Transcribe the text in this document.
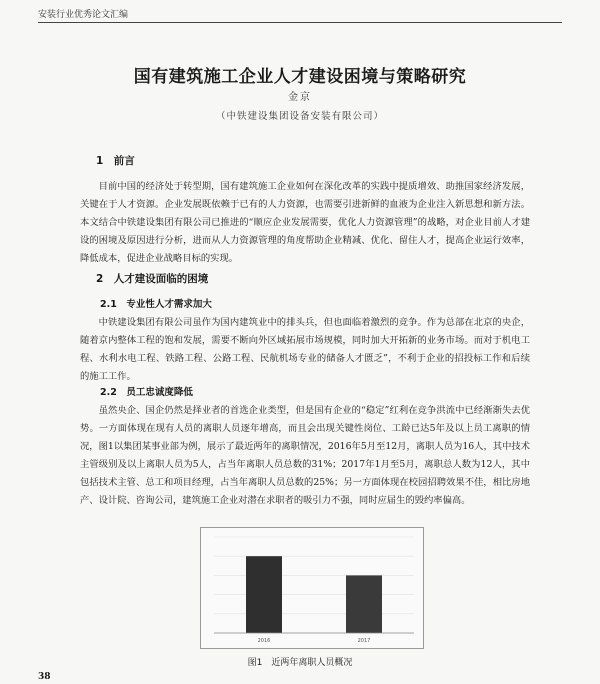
安装行业优秀论文汇编
国有建筑施工企业人才建设困境与策略研究
金京
（中铁建设集团设备安装有限公司）
1　前言

目前中国的经济处于转型期，国有建筑施工企业如何在深化改革的实践中提质增效、助推国家经济发展，关键在于人才资源。企业发展既依赖于已有的人力资源，也需要引进新鲜的血液为企业注入新思想和新方法。本文结合中铁建设集团有限公司已推进的“顺应企业发展需要，优化人力资源管理”的战略，对企业目前人才建设的困境及原因进行分析，进而从人力资源管理的角度帮助企业精减、优化、留住人才，提高企业运行效率，降低成本，促进企业战略目标的实现。

2　人才建设面临的困境
2.1　专业性人才需求加大

中铁建设集团有限公司虽作为国内建筑业中的排头兵，但也面临着激烈的竞争。作为总部在北京的央企，随着京内整体工程的饱和发展，需要不断向外区域拓展市场规模，同时加大开拓新的业务市场。而对于机电工程、水利水电工程、铁路工程、公路工程、民航机场专业的储备人才匮乏”，不利于企业的招投标工作和后续的施工工作。

2.2　员工忠诚度降低

虽然央企、国企仍然是择业者的首选企业类型，但是国有企业的“稳定”红利在竞争洪流中已经渐渐失去优势。一方面体现在现有人员的离职人员逐年增高，而且会出现关键性岗位、工龄已达5年及以上员工离职的情况，图1以集团某事业部为例，展示了最近两年的离职情况，2016年5月至12月，离职人员为16人，其中技术主管级别及以上离职人员为5人，占当年离职人员总数的31%；2017年1月至5月，离职总人数为12人，其中包括技术主管、总工和项目经理，占当年离职人员总数的25%；另一方面体现在校园招聘效果不佳，相比房地产、设计院、咨询公司，建筑施工企业对潜在求职者的吸引力不强，同时应届生的毁约率偏高。

2016	2017
图1　近两年离职人员概况
38
